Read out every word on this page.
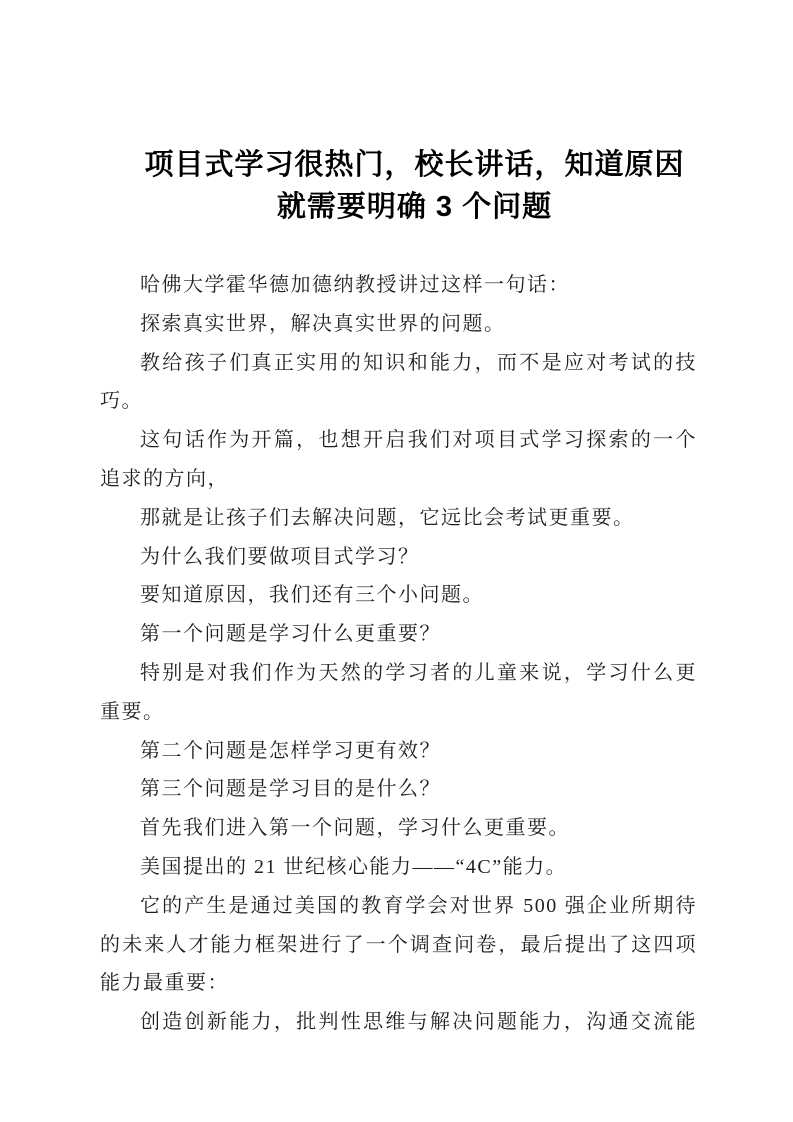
项目式学习很热门，校长讲话，知道原因就需要明确 3 个问题

哈佛大学霍华德加德纳教授讲过这样一句话：

探索真实世界，解决真实世界的问题。

教给孩子们真正实用的知识和能力，而不是应对考试的技巧。

这句话作为开篇，也想开启我们对项目式学习探索的一个追求的方向，

那就是让孩子们去解决问题，它远比会考试更重要。

为什么我们要做项目式学习？

要知道原因，我们还有三个小问题。

第一个问题是学习什么更重要？

特别是对我们作为天然的学习者的儿童来说，学习什么更重要。

第二个问题是怎样学习更有效？

第三个问题是学习目的是什么？

首先我们进入第一个问题，学习什么更重要。

美国提出的 21 世纪核心能力——“4C”能力。

它的产生是通过美国的教育学会对世界 500 强企业所期待的未来人才能力框架进行了一个调查问卷，最后提出了这四项能力最重要：

创造创新能力，批判性思维与解决问题能力，沟通交流能
